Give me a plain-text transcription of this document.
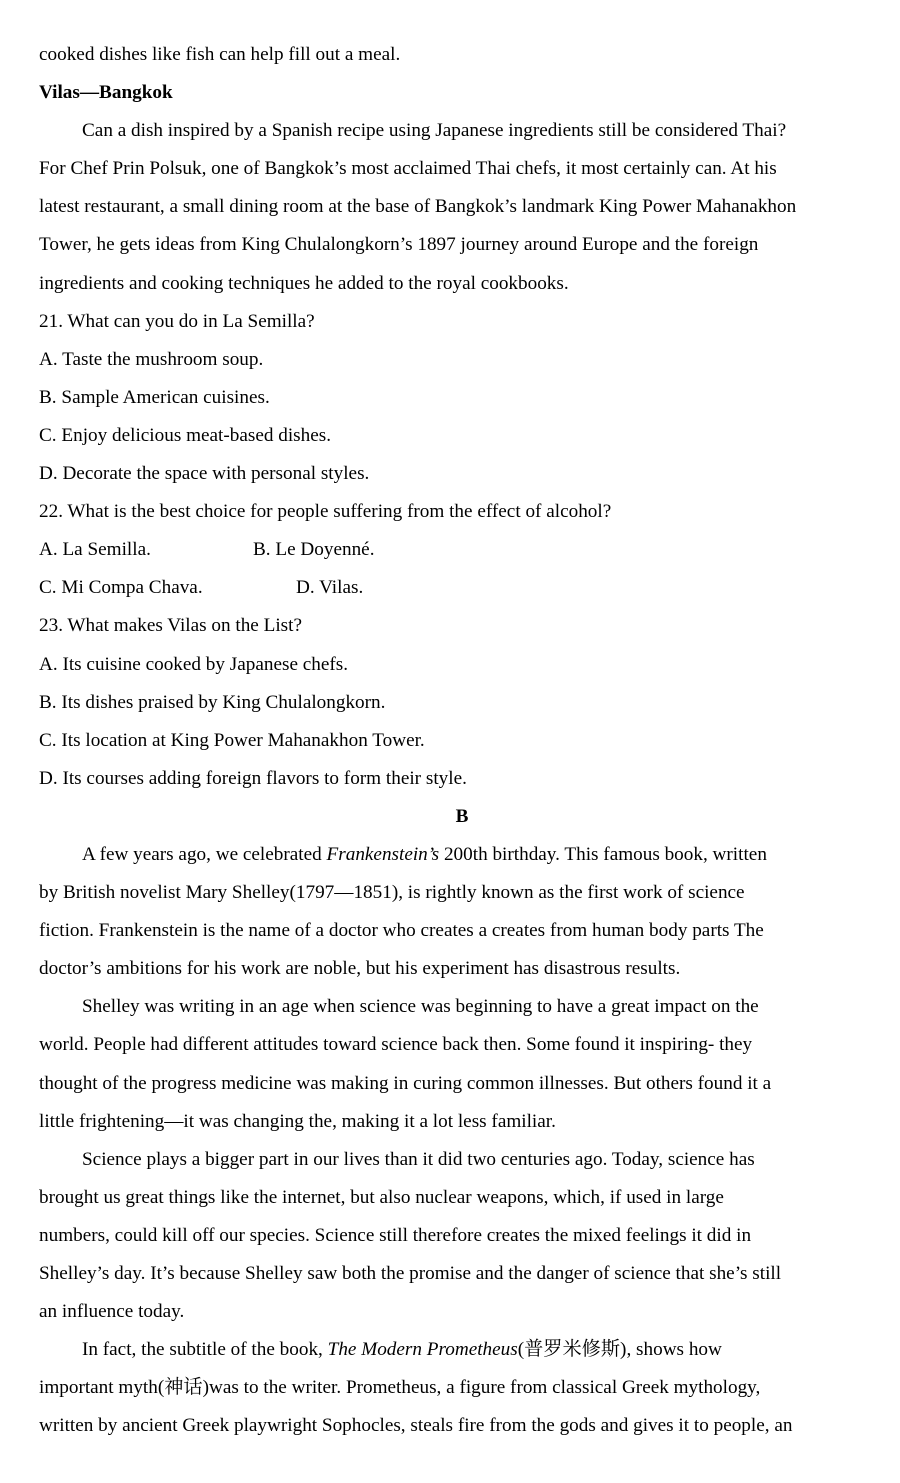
cooked dishes like fish can help fill out a meal.
Vilas—Bangkok
Can a dish inspired by a Spanish recipe using Japanese ingredients still be considered Thai?
For Chef Prin Polsuk, one of Bangkok’s most acclaimed Thai chefs, it most certainly can. At his
latest restaurant, a small dining room at the base of Bangkok’s landmark King Power Mahanakhon
Tower, he gets ideas from King Chulalongkorn’s 1897 journey around Europe and the foreign
ingredients and cooking techniques he added to the royal cookbooks.
21. What can you do in La Semilla?
A. Taste the mushroom soup.
B. Sample American cuisines.
C. Enjoy delicious meat-based dishes.
D. Decorate the space with personal styles.
22. What is the best choice for people suffering from the effect of alcohol?
A. La Semilla.	B. Le Doyenné.
C. Mi Compa Chava.	D. Vilas.
23. What makes Vilas on the List?
A. Its cuisine cooked by Japanese chefs.
B. Its dishes praised by King Chulalongkorn.
C. Its location at King Power Mahanakhon Tower.
D. Its courses adding foreign flavors to form their style.
B
A few years ago, we celebrated Frankenstein’s 200th birthday. This famous book, written
by British novelist Mary Shelley(1797—1851), is rightly known as the first work of science
fiction. Frankenstein is the name of a doctor who creates a creates from human body parts The
doctor’s ambitions for his work are noble, but his experiment has disastrous results.
Shelley was writing in an age when science was beginning to have a great impact on the
world. People had different attitudes toward science back then. Some found it inspiring- they
thought of the progress medicine was making in curing common illnesses. But others found it a
little frightening—it was changing the, making it a lot less familiar.
Science plays a bigger part in our lives than it did two centuries ago. Today, science has
brought us great things like the internet, but also nuclear weapons, which, if used in large
numbers, could kill off our species. Science still therefore creates the mixed feelings it did in
Shelley’s day. It’s because Shelley saw both the promise and the danger of science that she’s still
an influence today.
In fact, the subtitle of the book, The Modern Prometheus(普罗米修斯), shows how
important myth(神话)was to the writer. Prometheus, a figure from classical Greek mythology,
written by ancient Greek playwright Sophocles, steals fire from the gods and gives it to people, an
